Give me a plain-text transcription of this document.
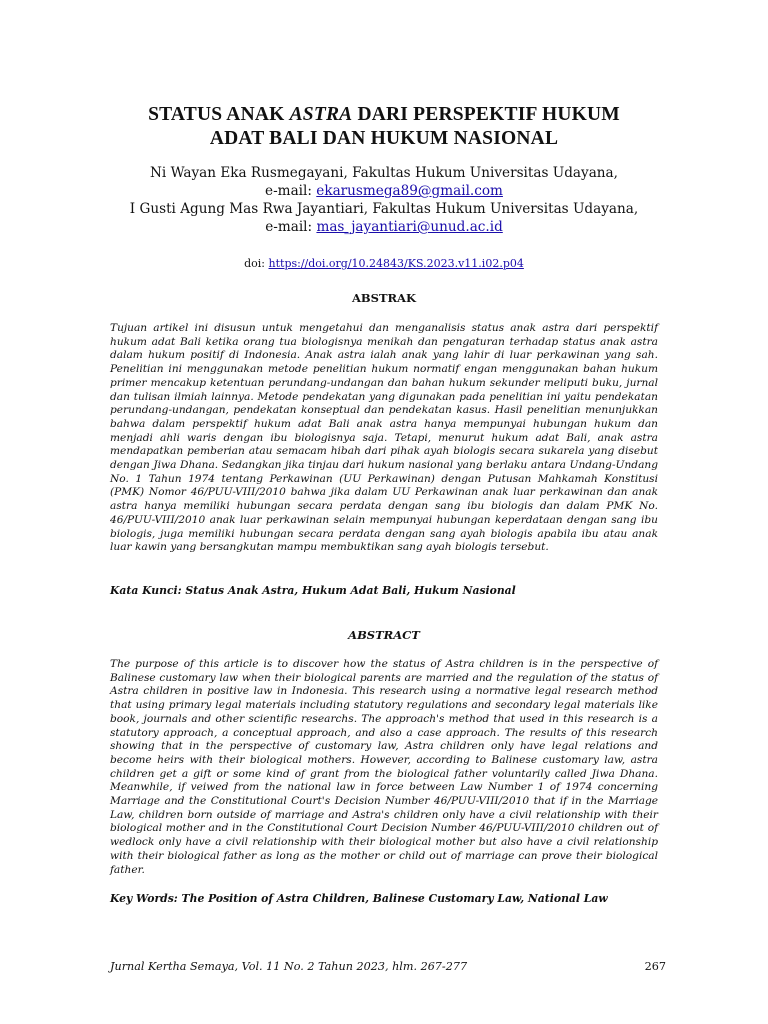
STATUS ANAK ASTRA DARI PERSPEKTIF HUKUM
ADAT BALI DAN HUKUM NASIONAL
Ni Wayan Eka Rusmegayani, Fakultas Hukum Universitas Udayana,
e-mail: ekarusmega89@gmail.com
I Gusti Agung Mas Rwa Jayantiari, Fakultas Hukum Universitas Udayana,
e-mail: mas_jayantiari@unud.ac.id
doi: https://doi.org/10.24843/KS.2023.v11.i02.p04
ABSTRAK
Tujuan artikel ini disusun untuk mengetahui dan menganalisis status anak astra dari perspektif hukum adat Bali ketika orang tua biologisnya menikah dan pengaturan terhadap status anak astra dalam hukum positif di Indonesia. Anak astra ialah anak yang lahir di luar perkawinan yang sah. Penelitian ini menggunakan metode penelitian hukum normatif engan menggunakan bahan hukum primer mencakup ketentuan perundang-undangan dan bahan hukum sekunder meliputi buku, jurnal dan tulisan ilmiah lainnya. Metode pendekatan yang digunakan pada penelitian ini yaitu pendekatan perundang-undangan, pendekatan konseptual dan pendekatan kasus. Hasil penelitian menunjukkan bahwa dalam perspektif hukum adat Bali anak astra hanya mempunyai hubungan hukum dan menjadi ahli waris dengan ibu biologisnya saja. Tetapi, menurut hukum adat Bali, anak astra mendapatkan pemberian atau semacam hibah dari pihak ayah biologis secara sukarela yang disebut dengan Jiwa Dhana. Sedangkan jika tinjau dari hukum nasional yang berlaku antara Undang-Undang No. 1 Tahun 1974 tentang Perkawinan (UU Perkawinan) dengan Putusan Mahkamah Konstitusi (PMK) Nomor 46/PUU-VIII/2010 bahwa jika dalam UU Perkawinan anak luar perkawinan dan anak astra hanya memiliki hubungan secara perdata dengan sang ibu biologis dan dalam PMK No. 46/PUU-VIII/2010 anak luar perkawinan selain mempunyai hubungan keperdataan dengan sang ibu biologis, juga memiliki hubungan secara perdata dengan sang ayah biologis apabila ibu atau anak luar kawin yang bersangkutan mampu membuktikan sang ayah biologis tersebut.
Kata Kunci: Status Anak Astra, Hukum Adat Bali, Hukum Nasional
ABSTRACT
The purpose of this article is to discover how the status of Astra children is in the perspective of Balinese customary law when their biological parents are married and the regulation of the status of Astra children in positive law in Indonesia. This research using a normative legal research method that using primary legal materials including statutory regulations and secondary legal materials like book, journals and other scientific researchs. The approach's method that used in this research is a statutory approach, a conceptual approach, and also a case approach. The results of this research showing that in the perspective of customary law, Astra children only have legal relations and become heirs with their biological mothers. However, according to Balinese customary law, astra children get a gift or some kind of grant from the biological father voluntarily called Jiwa Dhana. Meanwhile, if veiwed from the national law in force between Law Number 1 of 1974 concerning Marriage and the Constitutional Court's Decision Number 46/PUU-VIII/2010 that if in the Marriage Law, children born outside of marriage and Astra's children only have a civil relationship with their biological mother and in the Constitutional Court Decision Number 46/PUU-VIII/2010 children out of wedlock only have a civil relationship with their biological mother but also have a civil relationship with their biological father as long as the mother or child out of marriage can prove their biological father.
Key Words: The Position of Astra Children, Balinese Customary Law, National Law
Jurnal Kertha Semaya, Vol. 11 No. 2 Tahun 2023, hlm. 267-277	267
